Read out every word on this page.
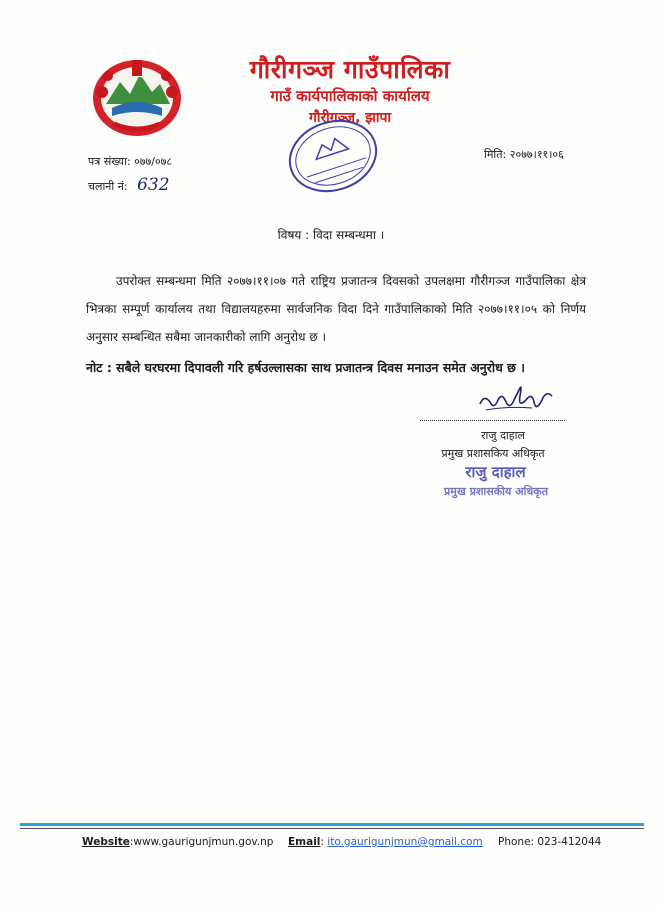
गौरीगञ्ज गाउँपालिका
गाउँ कार्यपालिकाको कार्यालय
गौरीगञ्ज, झापा
पत्र संख्या: ०७७/०७८
चलानी नं: 632
मिति: २०७७।११।०६
विषय : विदा सम्बन्धमा ।
उपरोक्त सम्बन्धमा मिति २०७७।११।०७ गते राष्ट्रिय प्रजातन्त्र दिवसको उपलक्षमा गौरीगञ्ज गाउँपालिका क्षेत्र भित्रका सम्पूर्ण कार्यालय तथा विद्यालयहरुमा सार्वजनिक विदा दिने गाउँपालिकाको मिति २०७७।११।०५ को निर्णय अनुसार सम्बन्धित सबैमा जानकारीको लागि अनुरोध छ ।
नोट : सबैले घरघरमा दिपावली गरि हर्षउल्लासका साथ प्रजातन्त्र दिवस मनाउन समेत अनुरोध छ ।
राजु दाहाल
प्रमुख प्रशासकिय अधिकृत
राजु दाहाल
प्रमुख प्रशासकीय अधिकृत
Website:www.gaurigunjmun.gov.np Email: ito.gaurigunjmun@gmail.com Phone: 023-412044
